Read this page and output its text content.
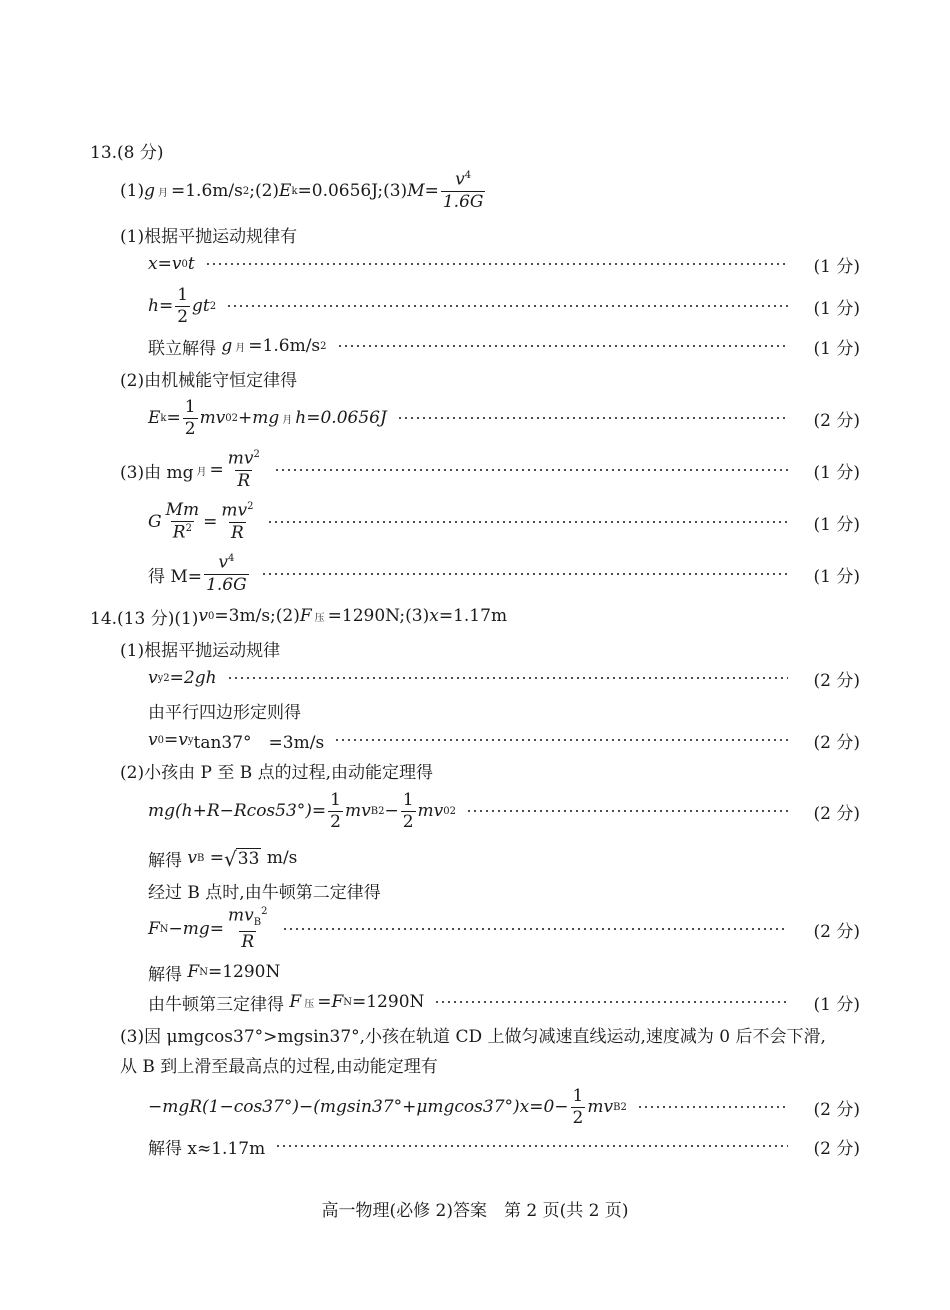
13.(8 分)
(1) g 月 =1.6m/s 2 ;(2) E k =0.0656J;(3) $M = \frac{v^4}{1.6G}$
(1)根据平抛运动规律有
x=v 0 t	(1 分)
$h= \frac{1}{2}$ gt 2	(1 分)
联立解得
g 月 =1.6m/s 2	(1 分)
(2)由机械能守恒定律得
E $k = \frac{1}{2}$ mv 0 2 +mg 月 h=0.0656J	(2 分)
(3)由 mg 月 = $\frac{mv^2}{R}$	(1 分)
G $\frac{Mm}{R^2} = \frac{mv^2}{R}$	(1 分)
得 $M= \frac{v^4}{1.6G}$	(1 分)
14.(13 分)(1) v 0 =3m/s;(2) F 压 =1290N;(3) x =1.17m
(1)根据平抛运动规律
v y 2 =2gh	(2 分)
由平行四边形定则得
v 0 = v y tan37°　=3m/s	(2 分)
(2)小孩由 P 至 B 点的过程,由动能定理得
$mg(h+R-Rcos53^\circ)= \frac{1}{2}$ mv B $2 - \frac{1}{2}$ mv 0 2	(2 分)
解得
v B
= √ 33
m/s
经过 B 点时,由牛顿第二定律得
F $N -mg= \frac{mv_B^2}{R}$	(2 分)
解得
F N =1290N
由牛顿第三定律得
F 压 = F N =1290N	(1 分)
(3)因 μmgcos37°>mgsin37°,小孩在轨道 CD 上做匀减速直线运动,速度减为 0 后不会下滑,
从 B 到上滑至最高点的过程,由动能定理有
$-mgR(1-\cos 37^\circ)-(mgsin37^\circ+\mu mgcos37^\circ)x=0- \frac{1}{2}$ mv B 2	(2 分)
解得 x≈1.17m	(2 分)
高一物理(必修 2)答案　第 2 页(共 2 页)
